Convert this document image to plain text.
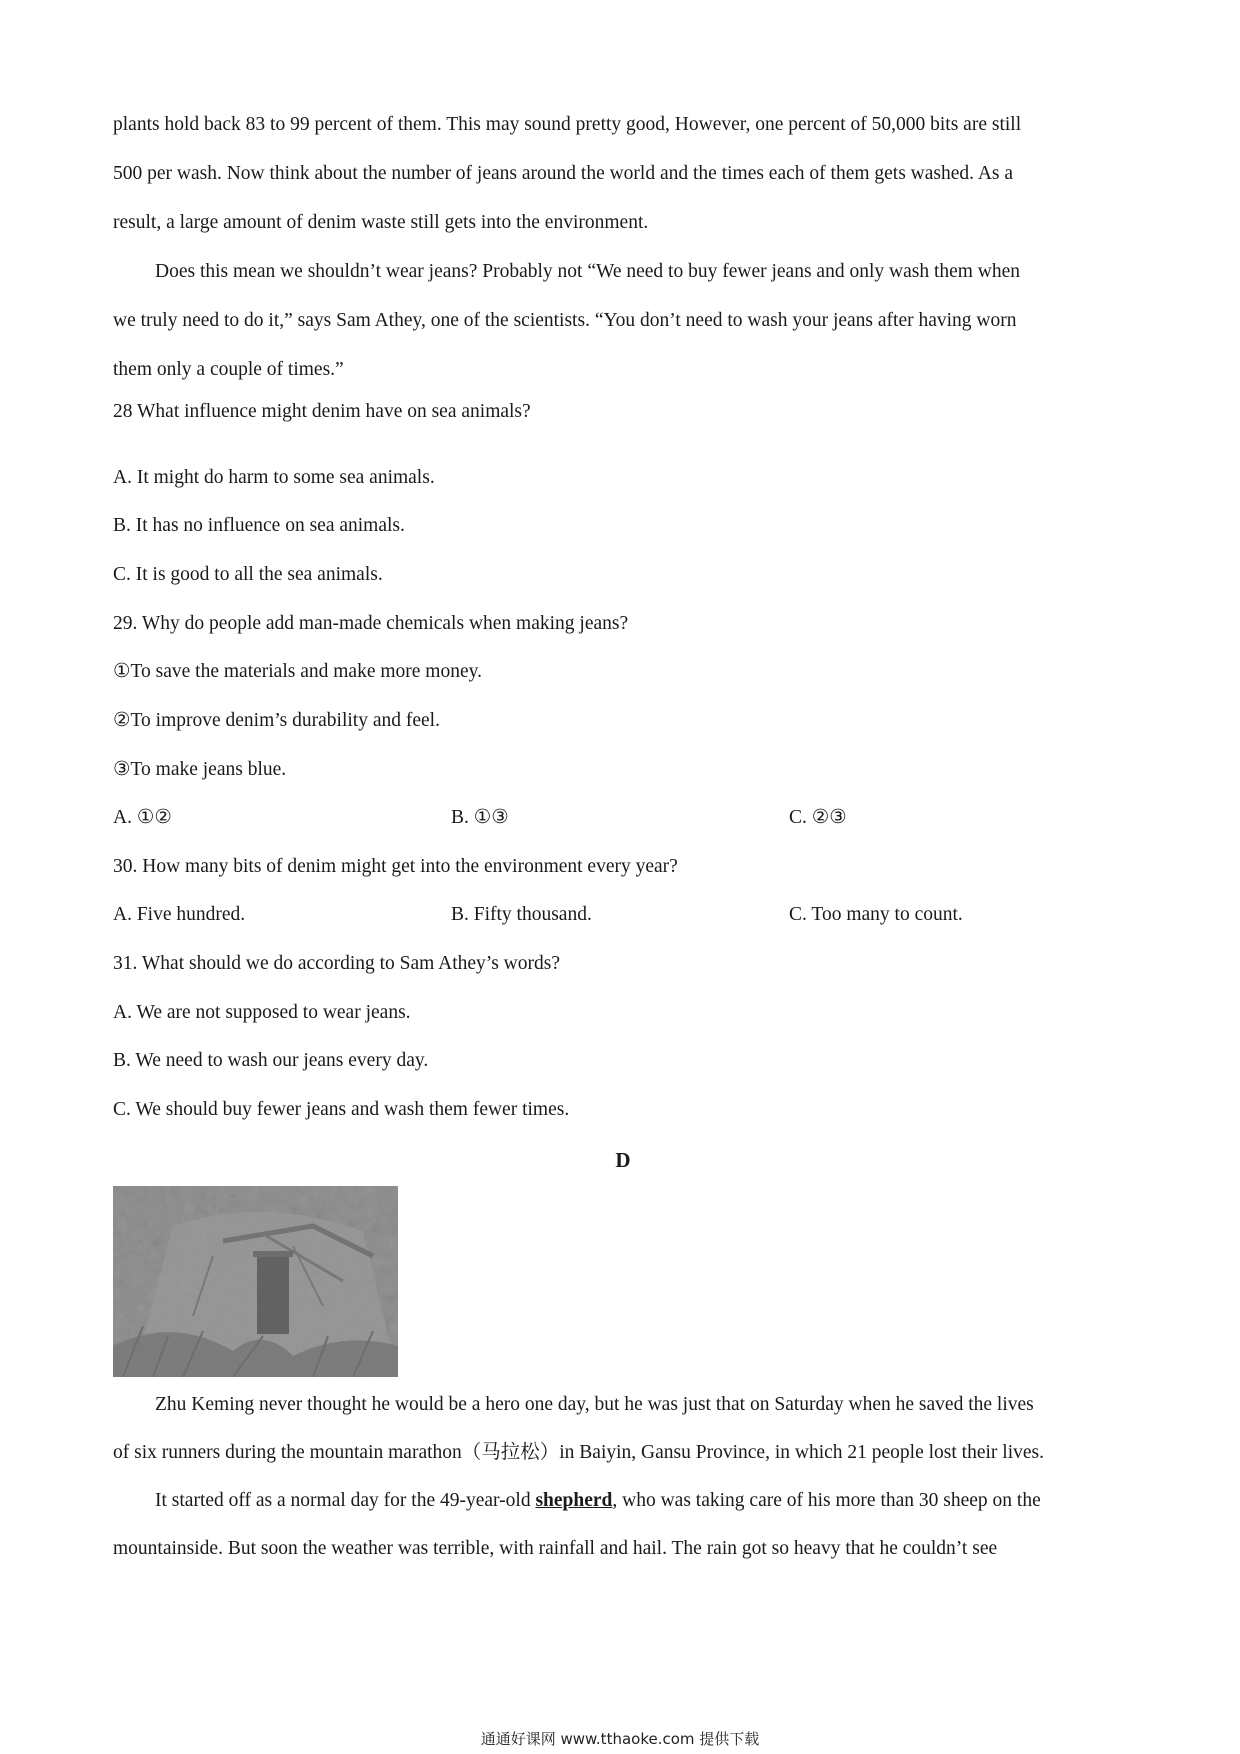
plants hold back 83 to 99 percent of them. This may sound pretty good, However, one percent of 50,000 bits are still

500 per wash. Now think about the number of jeans around the world and the times each of them gets washed. As a

result, a large amount of denim waste still gets into the environment.

Does this mean we shouldn’t wear jeans? Probably not “We need to buy fewer jeans and only wash them when

we truly need to do it,” says Sam Athey, one of the scientists. “You don’t need to wash your jeans after having worn

them only a couple of times.”

28 What influence might denim have on sea animals?

A. It might do harm to some sea animals.

B. It has no influence on sea animals.

C. It is good to all the sea animals.

29. Why do people add man-made chemicals when making jeans?

①To save the materials and make more money.

②To improve denim’s durability and feel.

③To make jeans blue.

A. ①②	B. ①③	C. ②③

30. How many bits of denim might get into the environment every year?

A. Five hundred.	B. Fifty thousand.	C. Too many to count.

31. What should we do according to Sam Athey’s words?

A. We are not supposed to wear jeans.

B. We need to wash our jeans every day.

C. We should buy fewer jeans and wash them fewer times.

D

Zhu Keming never thought he would be a hero one day, but he was just that on Saturday when he saved the lives

of six runners during the mountain marathon（马拉松）in Baiyin, Gansu Province, in which 21 people lost their lives.

It started off as a normal day for the 49-year-old shepherd, who was taking care of his more than 30 sheep on the

mountainside. But soon the weather was terrible, with rainfall and hail. The rain got so heavy that he couldn’t see

通通好课网 www.tthaoke.com 提供下载
